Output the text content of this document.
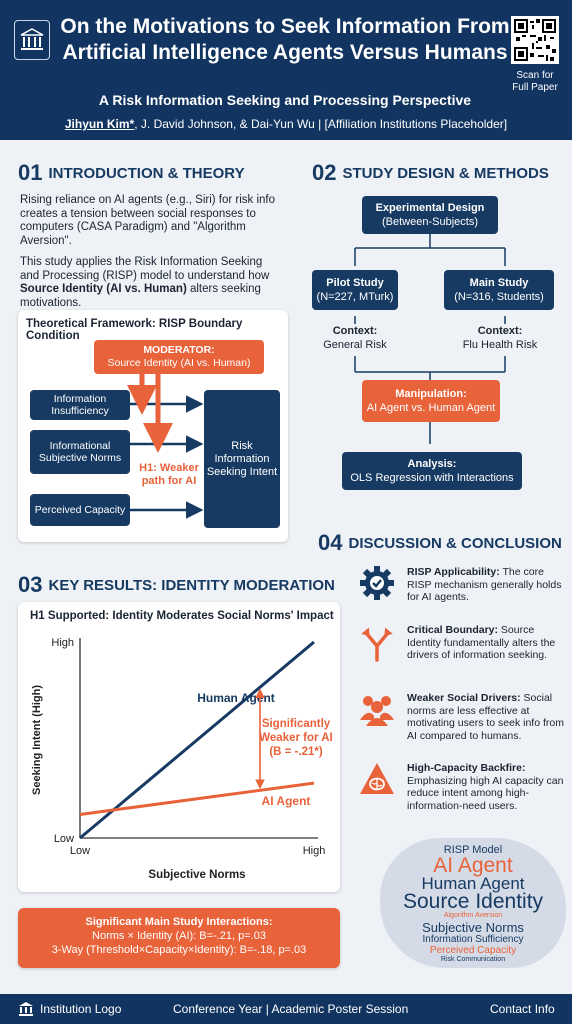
On the Motivations to Seek Information From Artificial Intelligence Agents Versus Humans
A Risk Information Seeking and Processing Perspective
Jihyun Kim*, J. David Johnson, & Dai-Yun Wu | [Affiliation Institutions Placeholder]
Scan for
Full Paper
01 INTRODUCTION & THEORY
Rising reliance on AI agents (e.g., Siri) for risk info creates a tension between social responses to computers (CASA Paradigm) and "Algorithm Aversion".
This study applies the Risk Information Seeking and Processing (RISP) model to understand how Source Identity (AI vs. Human) alters seeking motivations.
Theoretical Framework: RISP Boundary Condition
MODERATOR:
Source Identity (AI vs. Human)
Information Insufficiency
Informational Subjective Norms
Perceived Capacity
Risk Information Seeking Intent
H1: Weaker
path for AI
02 STUDY DESIGN & METHODS
Experimental Design
(Between-Subjects)
Pilot Study
(N=227, MTurk)
Main Study
(N=316, Students)
Context:
General Risk
Context:
Flu Health Risk
Manipulation:
AI Agent vs. Human Agent
Analysis:
OLS Regression with Interactions
03 KEY RESULTS: IDENTITY MODERATION
H1 Supported: Identity Moderates Social Norms' Impact
Low
High
Low	High
Subjective Norms
Seeking Intent (High)	Human Agent
AI Agent
Significantly
Weaker for AI
(B = -.21*)
Significant Main Study Interactions:
Norms × Identity (AI): B=-.21, p=.03
3-Way (Threshold×Capacity×Identity): B=-.18, p=.03
04 DISCUSSION & CONCLUSION
RISP Applicability: The core RISP mechanism generally holds for AI agents.
Critical Boundary: Source Identity fundamentally alters the drivers of information seeking.
Weaker Social Drivers: Social norms are less effective at motivating users to seek info from AI compared to humans.
High-Capacity Backfire: Emphasizing high AI capacity can reduce intent among high-information-need users.
RISP Model
AI Agent
Human Agent
Source Identity
Algorithm Aversion
Subjective Norms
Information Sufficiency
Perceived Capacity
Risk Communication
Institution Logo	Conference Year | Academic Poster Session	Contact Info
